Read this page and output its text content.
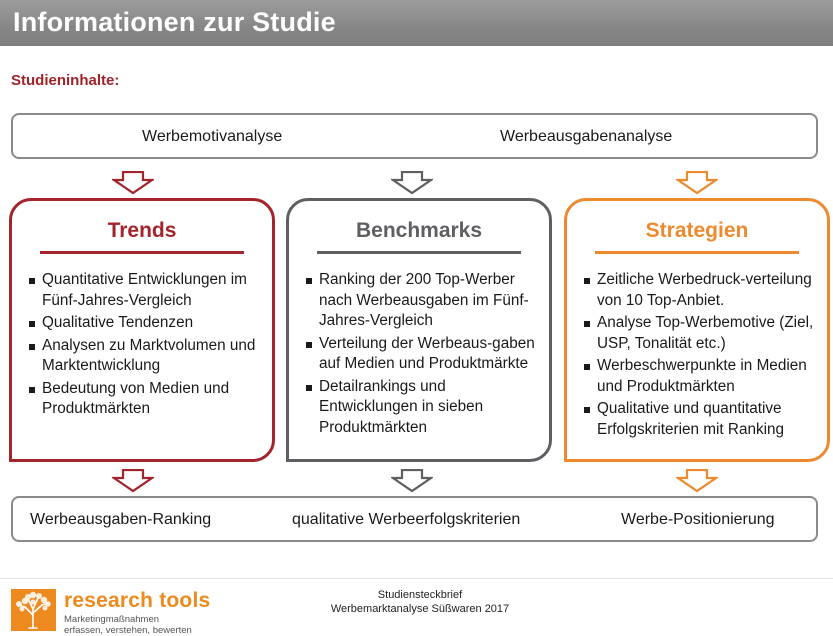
Informationen zur Studie
Studieninhalte:
Werbemotivanalyse	Werbeausgabenanalyse
Trends
Quantitative Entwicklungen im Fünf-Jahres-Vergleich
Qualitative Tendenzen
Analysen zu Marktvolumen und Marktentwicklung
Bedeutung von Medien und Produktmärkten
Benchmarks
Ranking der 200 Top-Werber nach Werbeausgaben im Fünf-Jahres-Vergleich
Verteilung der Werbeaus-gaben auf Medien und Produktmärkte
Detailrankings und Entwicklungen in sieben Produktmärkten
Strategien
Zeitliche Werbedruck-verteilung von 10 Top-Anbiet.
Analyse Top-Werbemotive (Ziel, USP, Tonalität etc.)
Werbeschwerpunkte in Medien und Produktmärkten
Qualitative und quantitative Erfolgskriterien mit Ranking
Werbeausgaben-Ranking	qualitative Werbeerfolgskriterien	Werbe-Positionierung
research tools
Marketingmaßnahmen
erfassen, verstehen, bewerten
Studiensteckbrief
Werbemarktanalyse Süßwaren 2017
